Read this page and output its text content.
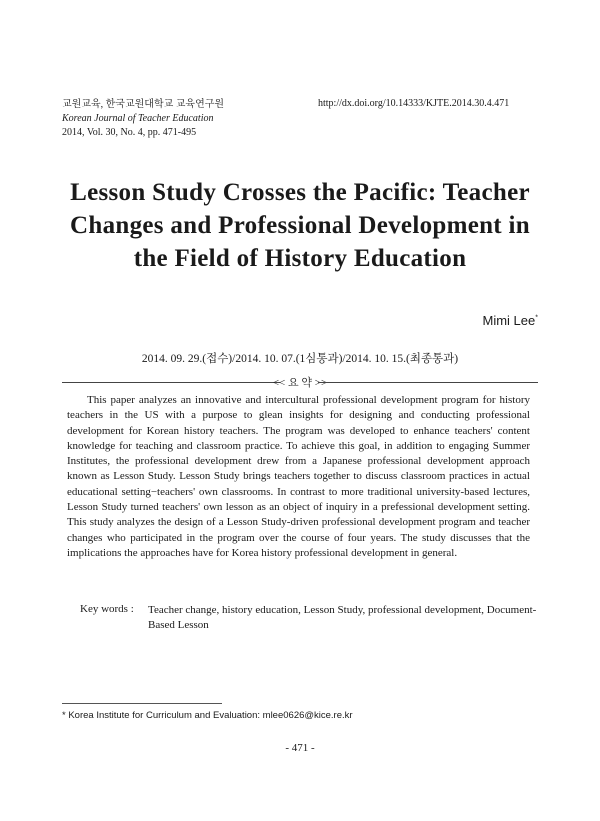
교원교육, 한국교원대학교 교육연구원
Korean Journal of Teacher Education
2014, Vol. 30, No. 4, pp. 471-495
http://dx.doi.org/10.14333/KJTE.2014.30.4.471
Lesson Study Crosses the Pacific: Teacher
Changes and Professional Development in
the Field of History Education
Mimi Lee*
2014. 09. 29.(접수)/2014. 10. 07.(1심통과)/2014. 10. 15.(최종통과)
<< 요 약 >>
This paper analyzes an innovative and intercultural professional development program for history teachers in the US with a purpose to glean insights for designing and conducting professional development for Korean history teachers. The program was developed to enhance teachers' content knowledge for teaching and classroom practice. To achieve this goal, in addition to engaging Summer Institutes, the professional development drew from a Japanese professional development approach known as Lesson Study. Lesson Study brings teachers together to discuss classroom practices in actual educational setting−teachers' own classrooms. In contrast to more traditional university-based lectures, Lesson Study turned teachers' own lesson as an object of inquiry in a prefessional development setting. This study analyzes the design of a Lesson Study-driven professional development program and teacher changes who participated in the program over the course of four years. The study discusses that the implications the approaches have for Korea history professional development in general.
Key words : Teacher change, history education, Lesson Study, professional development, Document-Based Lesson
* Korea Institute for Curriculum and Evaluation: mlee0626@kice.re.kr
- 471 -
